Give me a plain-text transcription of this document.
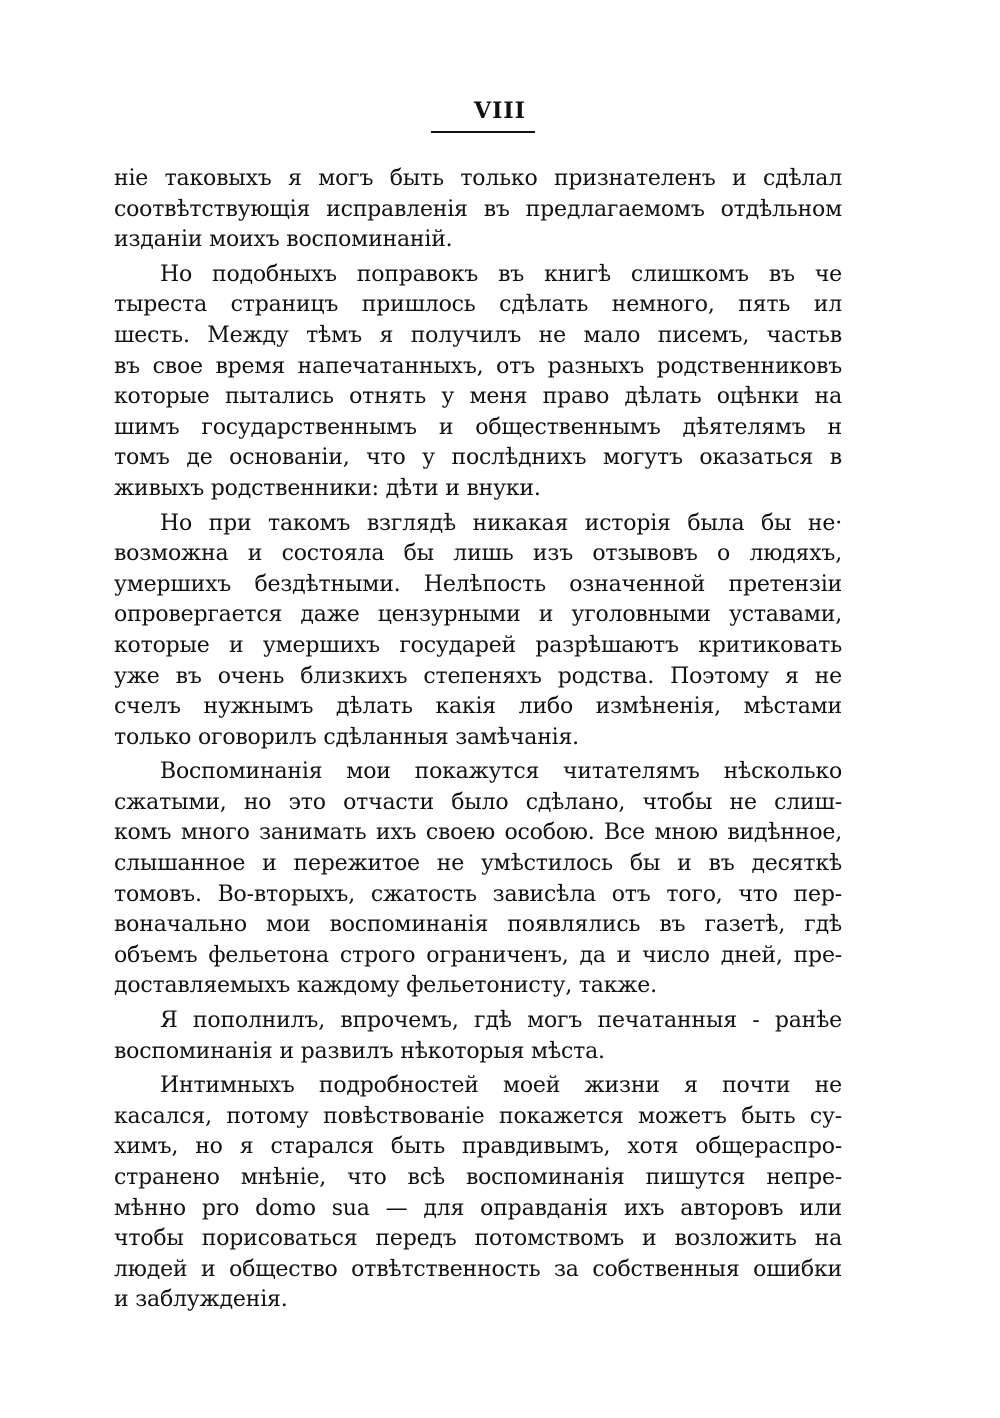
VIII
ніе таковыхъ я могъ быть только признателенъ и сдѣлал
соотвѣтствующія исправленія въ предлагаемомъ отдѣльном
изданіи моихъ воспоминаній.
Но подобныхъ поправокъ въ книгѣ слишкомъ въ че
тыреста страницъ пришлось сдѣлать немного, пять ил
шесть. Между тѣмъ я получилъ не мало писемъ, частьв
въ свое время напечатанныхъ, отъ разныхъ родственниковъ
которые пытались отнять у меня право дѣлать оцѣнки на
шимъ государственнымъ и общественнымъ дѣятелямъ н
томъ де основаніи, что у послѣднихъ могутъ оказаться в
живыхъ родственники: дѣти и внуки.
Но при такомъ взглядѣ никакая исторія была бы не·
возможна и состояла бы лишь изъ отзывовъ о людяхъ,
умершихъ бездѣтными. Нелѣпость означенной претензіи
опровергается даже цензурными и уголовными уставами,
которые и умершихъ государей разрѣшаютъ критиковать
уже въ очень близкихъ степеняхъ родства. Поэтому я не
счелъ нужнымъ дѣлать какія либо измѣненія, мѣстами
только оговорилъ сдѣланныя замѣчанія.
Воспоминанія мои покажутся читателямъ нѣсколько
сжатыми, но это отчасти было сдѣлано, чтобы не слиш-
комъ много занимать ихъ своею особою. Все мною видѣнное,
слышанное и пережитое не умѣстилось бы и въ десяткѣ
томовъ. Во-вторыхъ, сжатость зависѣла отъ того, что пер-
воначально мои воспоминанія появлялись въ газетѣ, гдѣ
объемъ фельетона строго ограниченъ, да и число дней, пре-
доставляемыхъ каждому фельетонисту, также.
Я пополнилъ, впрочемъ, гдѣ могъ печатанныя - ранѣе
воспоминанія и развилъ нѣкоторыя мѣста.
Интимныхъ подробностей моей жизни я почти не
касался, потому повѣствованіе покажется можетъ быть су-
химъ, но я старался быть правдивымъ, хотя общераспро-
странено мнѣніе, что всѣ воспоминанія пишутся непре-
мѣнно pro domo sua — для оправданія ихъ авторовъ или
чтобы порисоваться передъ потомствомъ и возложить на
людей и общество отвѣтственность за собственныя ошибки
и заблужденія.
